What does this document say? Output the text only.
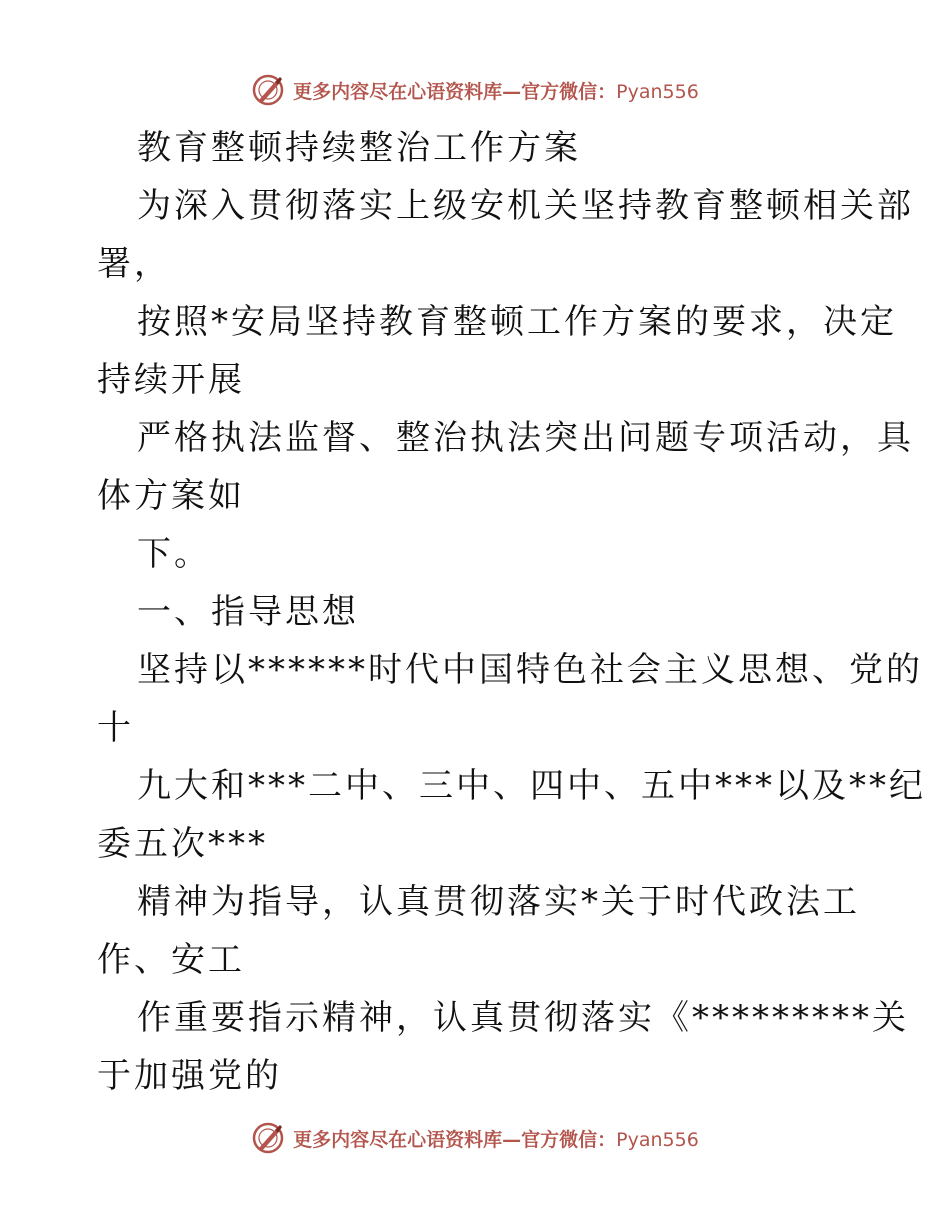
更多内容尽在心语资料库—官方微信：Pyan556
教育整顿持续整治工作方案
为深入贯彻落实上级安机关坚持教育整顿相关部
署，
按照*安局坚持教育整顿工作方案的要求，决定
持续开展
严格执法监督、整治执法突出问题专项活动，具
体方案如
下。
一、指导思想
坚持以******时代中国特色社会主义思想、党的
十
九大和***二中、三中、四中、五中***以及**纪
委五次***
精神为指导，认真贯彻落实*关于时代政法工
作、安工
作重要指示精神，认真贯彻落实《*********关
于加强党的
更多内容尽在心语资料库—官方微信：Pyan556
